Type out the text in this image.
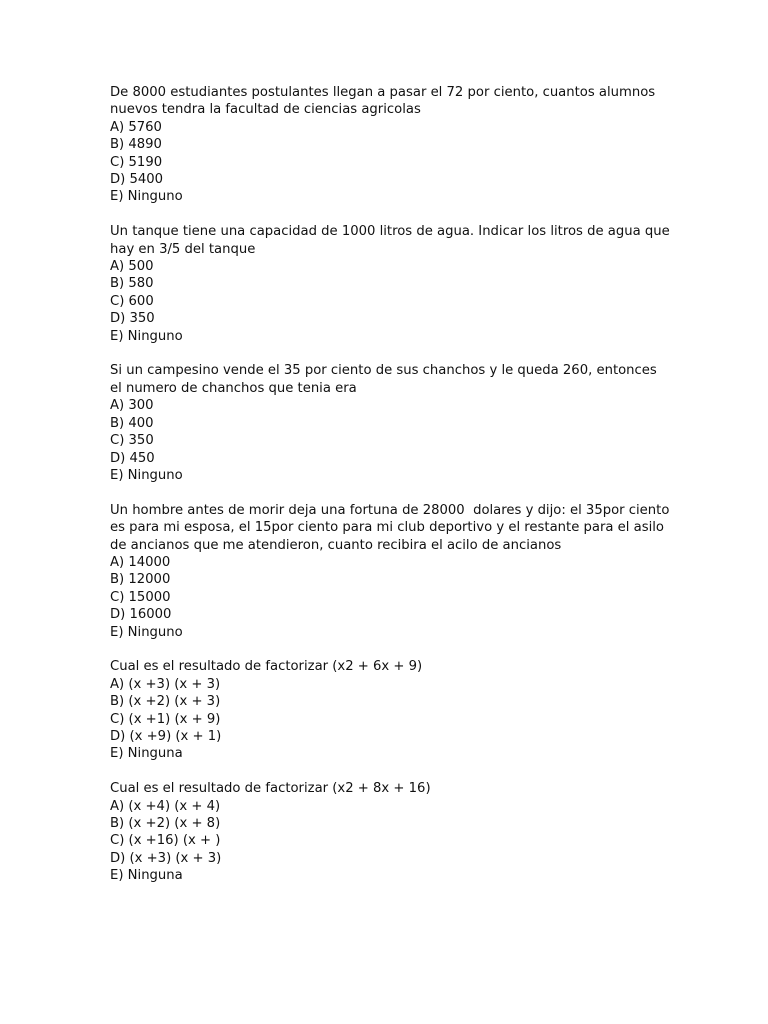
De 8000 estudiantes postulantes llegan a pasar el 72 por ciento, cuantos alumnos nuevos tendra la facultad de ciencias agricolas

A) 5760
B) 4890
C) 5190
D) 5400
E) Ninguno

Un tanque tiene una capacidad de 1000 litros de agua. Indicar los litros de agua que hay en 3/5 del tanque

A) 500
B) 580
C) 600
D) 350
E) Ninguno

Si un campesino vende el 35 por ciento de sus chanchos y le queda 260, entonces el numero de chanchos que tenia era

A) 300
B) 400
C) 350
D) 450
E) Ninguno

Un hombre antes de morir deja una fortuna de 28000  dolares y dijo: el 35por ciento es para mi esposa, el 15por ciento para mi club deportivo y el restante para el asilo de ancianos que me atendieron, cuanto recibira el acilo de ancianos

A) 14000
B) 12000
C) 15000
D) 16000
E) Ninguno

Cual es el resultado de factorizar (x2 + 6x + 9)

A) (x +3) (x + 3)
B) (x +2) (x + 3)
C) (x +1) (x + 9)
D) (x +9) (x + 1)
E) Ninguna

Cual es el resultado de factorizar (x2 + 8x + 16)

A) (x +4) (x + 4)
B) (x +2) (x + 8)
C) (x +16) (x + )
D) (x +3) (x + 3)
E) Ninguna
